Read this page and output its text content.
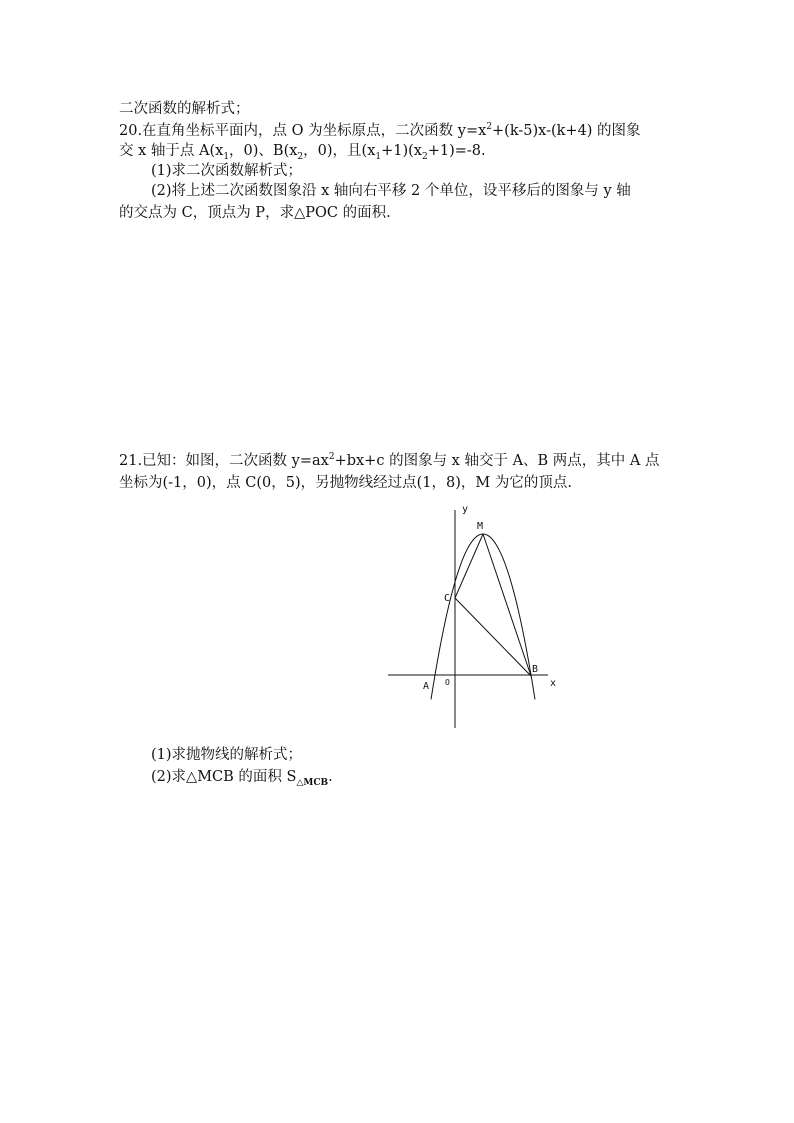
二次函数的解析式；
20.在直角坐标平面内，点 O 为坐标原点，二次函数 $y=x^2+(k-5)x-(k+4)$ 的图象
交 x 轴于点 $A(x_1$，0)、$B(x_2$，0)，且$(x_1+1)(x_2+1)=-8$.
(1)求二次函数解析式；
(2)将上述二次函数图象沿 x 轴向右平移 2 个单位，设平移后的图象与 y 轴
的交点为 C，顶点为 P，求△POC 的面积.
21.已知：如图，二次函数 $y=ax^2+bx+c$ 的图象与 x 轴交于 A、B 两点，其中 A 点
坐标为(-1，0)，点 C(0，5)，另抛物线经过点(1，8)，M 为它的顶点.
y
x
M
C
B
A O
(1)求抛物线的解析式；
(2)求△MCB 的面积 $S_{\triangle MCB}$.
